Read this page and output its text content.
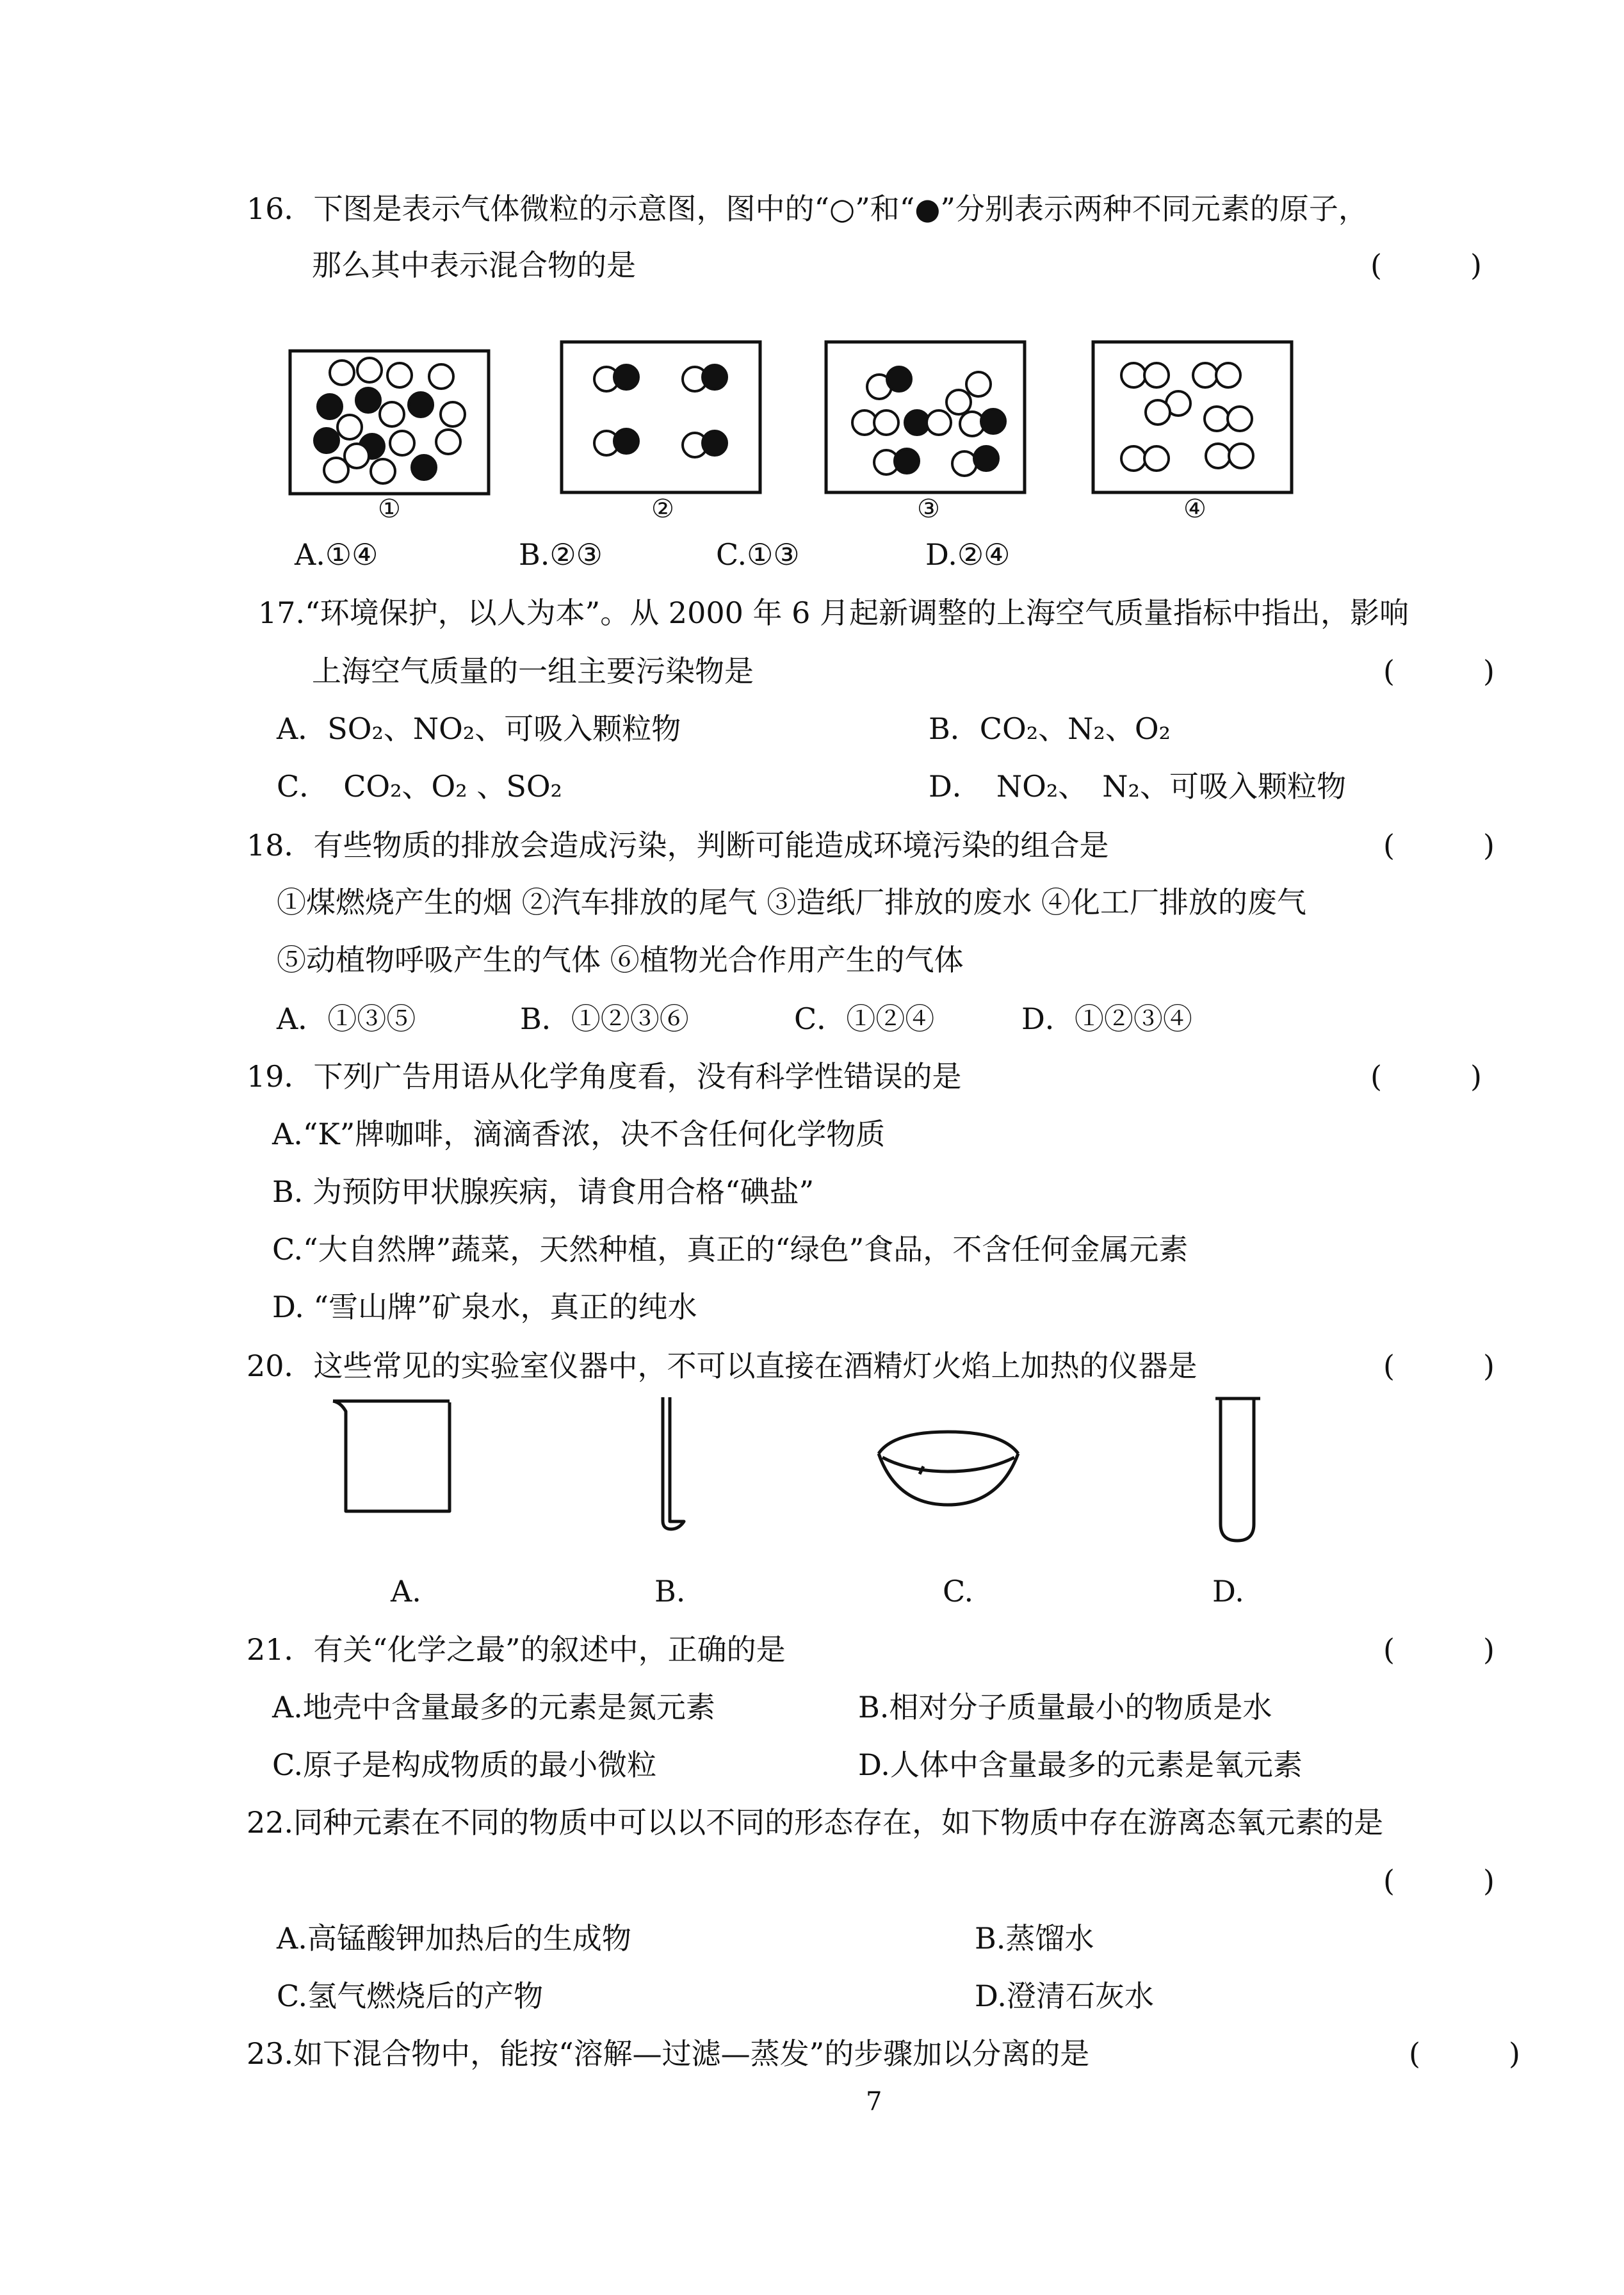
16．下图是表示气体微粒的示意图，图中的“○”和“●”分别表示两种不同元素的原子，
那么其中表示混合物的是	(　　　)
①	②	③	④
A.①④	B.②③	C.①③	D.②④
17.“环境保护，以人为本”。从 2000 年 6 月起新调整的上海空气质量指标中指出，影响
上海空气质量的一组主要污染物是	(　　　)
A．SO₂、NO₂、可吸入颗粒物	B．CO₂、N₂、O₂
C．　CO₂、O₂ 、SO₂	D．　NO₂、　N₂、可吸入颗粒物
18．有些物质的排放会造成污染，判断可能造成环境污染的组合是	(　　　)
①煤燃烧产生的烟 ②汽车排放的尾气 ③造纸厂排放的废水 ④化工厂排放的废气
⑤动植物呼吸产生的气体 ⑥植物光合作用产生的气体
A．①③⑤	B．①②③⑥	C．①②④	D．①②③④
19．下列广告用语从化学角度看，没有科学性错误的是	(　　　)
A.“K”牌咖啡，滴滴香浓，决不含任何化学物质
B. 为预防甲状腺疾病，请食用合格“碘盐”
C.“大自然牌”蔬菜，天然种植，真正的“绿色”食品，不含任何金属元素
D. “雪山牌”矿泉水，真正的纯水
20．这些常见的实验室仪器中，不可以直接在酒精灯火焰上加热的仪器是	(　　　)
A.	B.	C.	D.
21．有关“化学之最”的叙述中，正确的是	(　　　)
A.地壳中含量最多的元素是氮元素	B.相对分子质量最小的物质是水
C.原子是构成物质的最小微粒	D.人体中含量最多的元素是氧元素
22.同种元素在不同的物质中可以以不同的形态存在，如下物质中存在游离态氧元素的是
(　　　)
A.高锰酸钾加热后的生成物	B.蒸馏水
C.氢气燃烧后的产物	D.澄清石灰水
23.如下混合物中，能按“溶解—过滤—蒸发”的步骤加以分离的是	(　　　)
7
